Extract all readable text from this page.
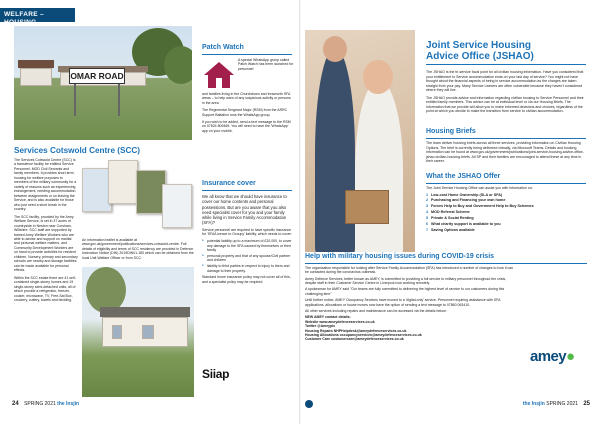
WELFARE – HOUSING
OMAR ROAD
Services Cotswold Centre (SCC)

The Services Cotswold Centre (SCC) is a transience facility for entitled Service Personnel, MOD Civil Servants and family members. It provides short-term housing for welfare purposes to members of the military community for a variety of reasons such as experiencing estrangement, needing accommodation between assignments or on leaving the Service, and is also available for those who just need a short break in the country.

The SCC facility, provided by the Army Welfare Service, is set in 37 acres of countryside in Neston near Corsham, Wiltshire. SCC staff are supported by trained Army Welfare Workers who are able to advise and support on marital and personal welfare matters, and Community Development Workers are on hand to provide activities for resident children. Nursery, primary and secondary schools are nearby and storage facilities can be made available for personal effects.

Within the SCC estate there are 41 self-contained single-storey homes and 19 single-storey semi-detached units, all of which provide a refrigerator, freezer, cooker, microwave, TV, Free-Sat Box, crockery, cutlery, towels and bedding.

An information leaflet is available at www.gov.uk/government/publications/services-cotswold-centre. Full details of eligibility and terms of SCC residency are provided in Defence Instruction Notice (DIN) 2019DIN01-180 which can be obtained from the local Unit Welfare Officer or from SCC.
Patch Watch
A special WhatsApp group called Patch Watch has been launched for personnel

and families living in the Churchdown and Innsworth SFA areas – to help warn of any suspicious activity or persons in the area.

The Regimental Sergeant Major (RSM) from the ARRC Support Battalion runs the WhatsApp group.

If you wish to be added, send a text message to the RSM on 07824 809469. You will need to have the 'WhatsApp' app on your mobile.

Insurance cover

We all know that we should have insurance to cover our home contents and personal possessions. But are you aware that you also need specialist cover for you and your family while living in Service Family Accommodation (SFA)?

Service personnel are required to have specific insurance for 'SFA/Licence to Occupy' liability, which needs to cover:

● potential liability up to a maximum of £20,000, to cover any damage to the SFA caused by themselves or their family
● personal property and that of any spouse/Civil partner and children
● liability to third parties in respect to injury to them and damage to their property.

Standard home insurance policy may not cover all of this, and a specialist policy may be required.

Siiap
24 SPRING 2021 the Insjin
Joint Service Housing
Advice Office (JSHAO)

The JSHAO is the tri-service focal point for all civilian housing information. Have you considered that your entitlement to Service accommodation ends on your last day of service? You might not have thought about the financial aspects of being in service accommodation as the charges are taken straight from your pay. Many Service Leavers are often vulnerable because they haven't considered where they will live.

The JSHAO provide advice and information regarding civilian housing to Service Personnel and their entitled family members. This advice can be at individual level or via our Housing Briefs. The information that we provide will allow you to make informed decisions and choices, regardless of the point at which you decide to make the transition from service to civilian accommodation.

Housing Briefs
The team deliver housing briefs across all three services, providing information on Civilian Housing Options. The brief is currently being delivered virtually, via Microsoft Teams. Details and booking information can be found at www.gov.uk/government/publications/joint-service-housing-advice-office-jshao-civilian-housing-briefs. All SP and their families are encouraged to attend these at any time in their career.
What the JSHAO Offer
The Joint Service Housing Office can assist you with information on:
1 Low-cost Home Ownership (SLA or SFA)
2 Purchasing and Financing your own home
3 Forces Help to Buy and Government Help to Buy Schemes
4 MOD Referral Scheme
5 Private & Social Renting
6 What charity support is available to you
7 Saving Options available
Help with military housing issues during COVID-19 crisis

The organisation responsible for looking after Service Family Accommodation (SFA) has introduced a number of changes to how it can be contacted during the coronavirus outbreak.

Amey Defence Services, better known as AMEY, is committed to providing a full service to military personnel throughout the crisis, despite staff in their Customer Service Centre in Liverpool now working remotely.

A spokesman for AMEY said "Our teams are fully committed to delivering the highest level of service to our customers during this challenging time"

Until further notice, AMEY Occupancy Services have moved to a 'digital-only' service. Personnel requiring assistance with SFA applications, allocations or house moves now have the option of sending a text message to 07860 063410.

All other services including repairs and maintenance can be accessed via the details below:

NEW AMEY contact details:
Website www.ameydefenceservices.co.uk
Twitter @Ameyplc
Housing Repairs NHPHelpdesk@ameydefenceservices.co.uk
Housing Allocations occupancyservices@ameydefenceservices.co.uk
Customer Care customercare@ameydefenceservices.co.uk
amey●
the Insjin SPRING 2021 25
